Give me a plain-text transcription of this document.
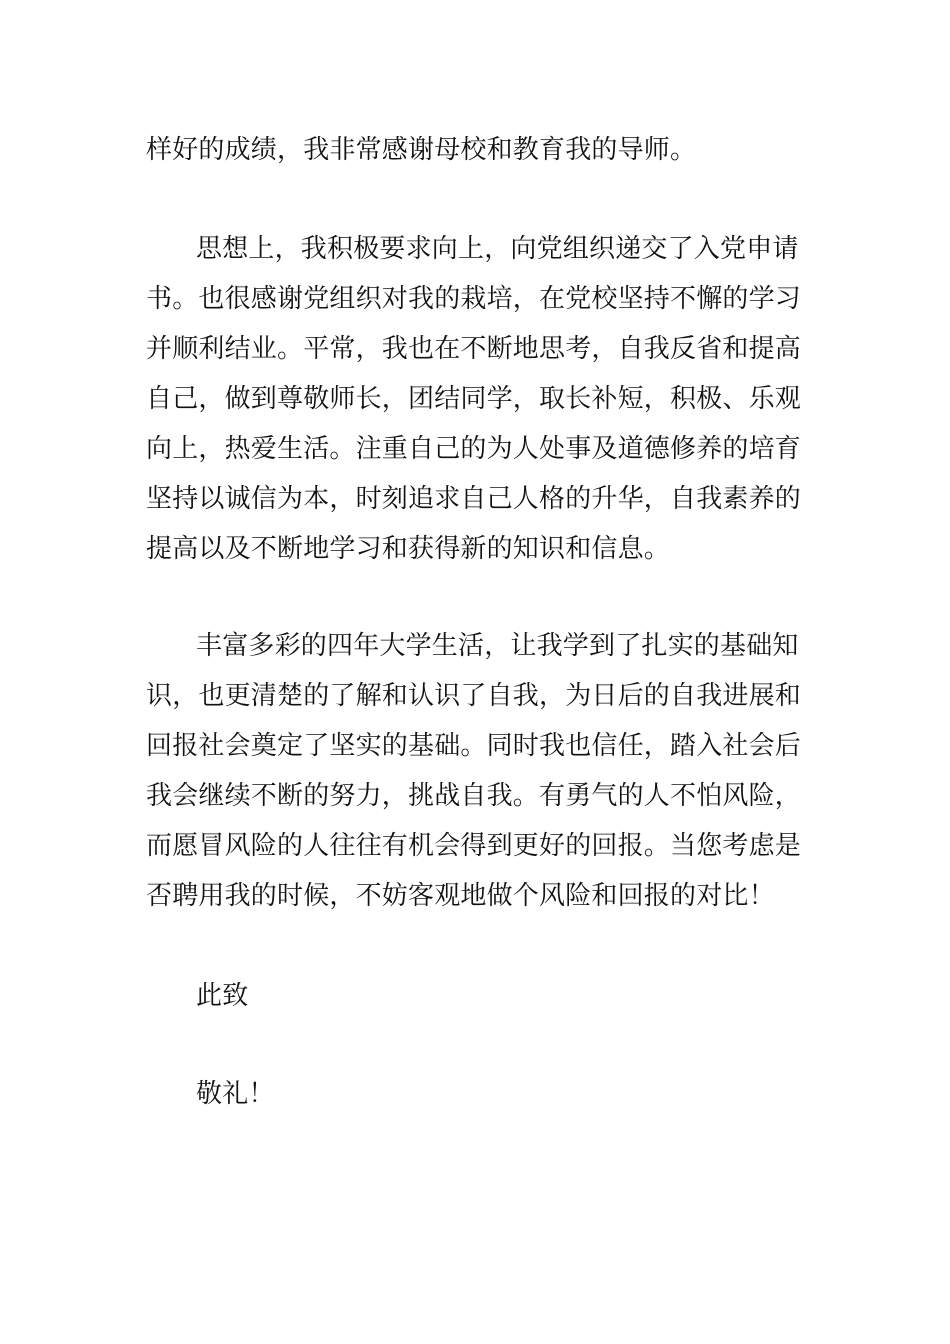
样好的成绩，我非常感谢母校和教育我的导师。
思想上，我积极要求向上，向党组织递交了入党申请
书。也很感谢党组织对我的栽培，在党校坚持不懈的学习
并顺利结业。平常，我也在不断地思考，自我反省和提高
自己，做到尊敬师长，团结同学，取长补短，积极、乐观
向上，热爱生活。注重自己的为人处事及道德修养的培育
坚持以诚信为本，时刻追求自己人格的升华，自我素养的
提高以及不断地学习和获得新的知识和信息。
丰富多彩的四年大学生活，让我学到了扎实的基础知
识，也更清楚的了解和认识了自我，为日后的自我进展和
回报社会奠定了坚实的基础。同时我也信任，踏入社会后
我会继续不断的努力，挑战自我。有勇气的人不怕风险，
而愿冒风险的人往往有机会得到更好的回报。当您考虑是
否聘用我的时候，不妨客观地做个风险和回报的对比！
此致
敬礼！
